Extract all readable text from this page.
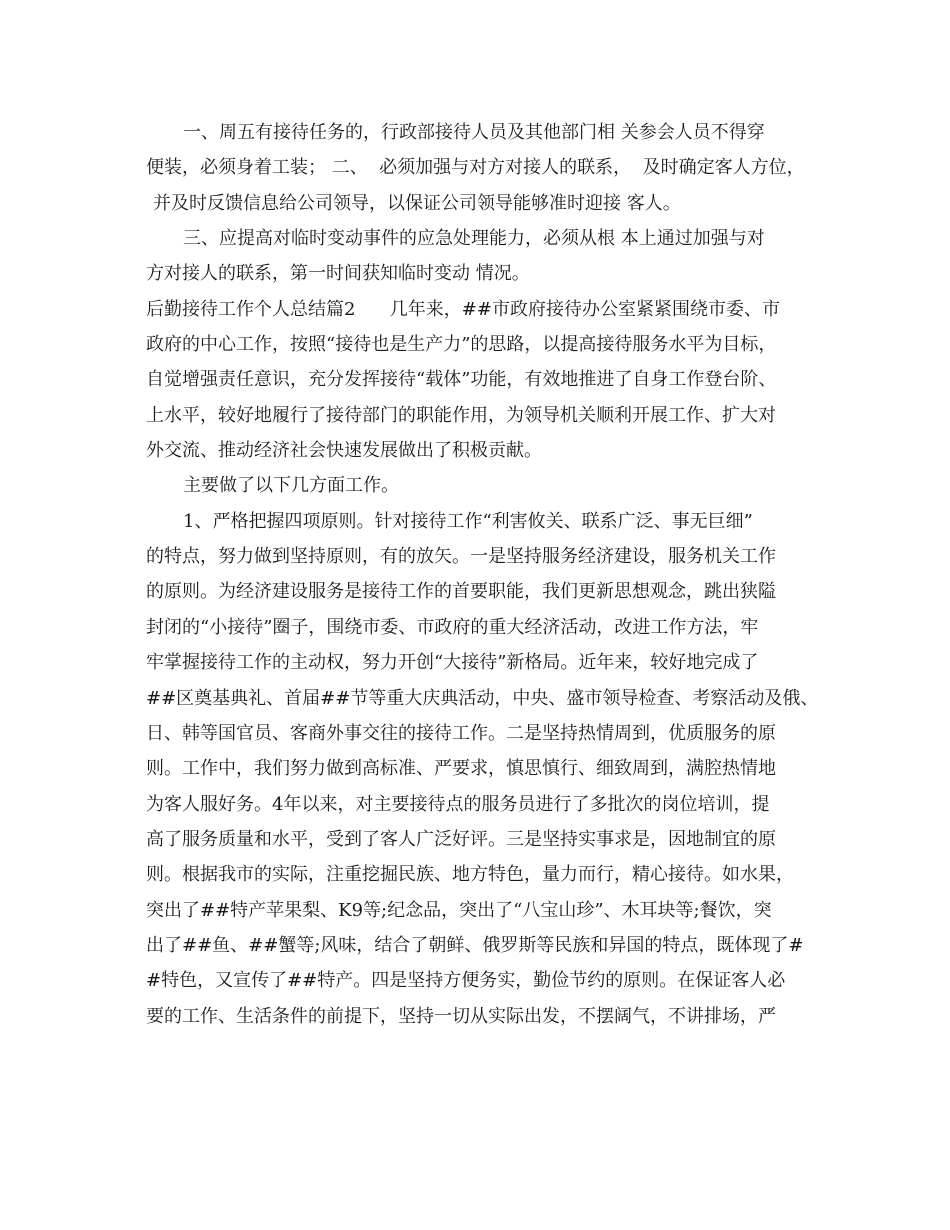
一、周五有接待任务的，行政部接待人员及其他部门相 关参会人员不得穿
便装，必须身着工装； 二、  必须加强与对方对接人的联系，  及时确定客人方位，
并及时反馈信息给公司领导，以保证公司领导能够准时迎接 客人。
三、应提高对临时变动事件的应急处理能力，必须从根 本上通过加强与对
方对接人的联系，第一时间获知临时变动 情况。
后勤接待工作个人总结篇2      几年来，##市政府接待办公室紧紧围绕市委、市
政府的中心工作，按照“接待也是生产力”的思路，以提高接待服务水平为目标，
自觉增强责任意识，充分发挥接待“载体”功能，有效地推进了自身工作登台阶、
上水平，较好地履行了接待部门的职能作用，为领导机关顺利开展工作、扩大对
外交流、推动经济社会快速发展做出了积极贡献。
主要做了以下几方面工作。
1、严格把握四项原则。针对接待工作“利害攸关、联系广泛、事无巨细”
的特点，努力做到坚持原则，有的放矢。一是坚持服务经济建设，服务机关工作
的原则。为经济建设服务是接待工作的首要职能，我们更新思想观念，跳出狭隘
封闭的“小接待”圈子，围绕市委、市政府的重大经济活动，改进工作方法，牢
牢掌握接待工作的主动权，努力开创“大接待”新格局。近年来，较好地完成了
##区奠基典礼、首届##节等重大庆典活动，中央、盛市领导检查、考察活动及俄、
日、韩等国官员、客商外事交往的接待工作。二是坚持热情周到，优质服务的原
则。工作中，我们努力做到高标准、严要求，慎思慎行、细致周到，满腔热情地
为客人服好务。4年以来，对主要接待点的服务员进行了多批次的岗位培训，提
高了服务质量和水平，受到了客人广泛好评。三是坚持实事求是，因地制宜的原
则。根据我市的实际，注重挖掘民族、地方特色，量力而行，精心接待。如水果，
突出了##特产苹果梨、K9等;纪念品，突出了“八宝山珍”、木耳块等;餐饮，突
出了##鱼、##蟹等;风味，结合了朝鲜、俄罗斯等民族和异国的特点，既体现了#
#特色，又宣传了##特产。四是坚持方便务实，勤俭节约的原则。在保证客人必
要的工作、生活条件的前提下，坚持一切从实际出发，不摆阔气，不讲排场，严
